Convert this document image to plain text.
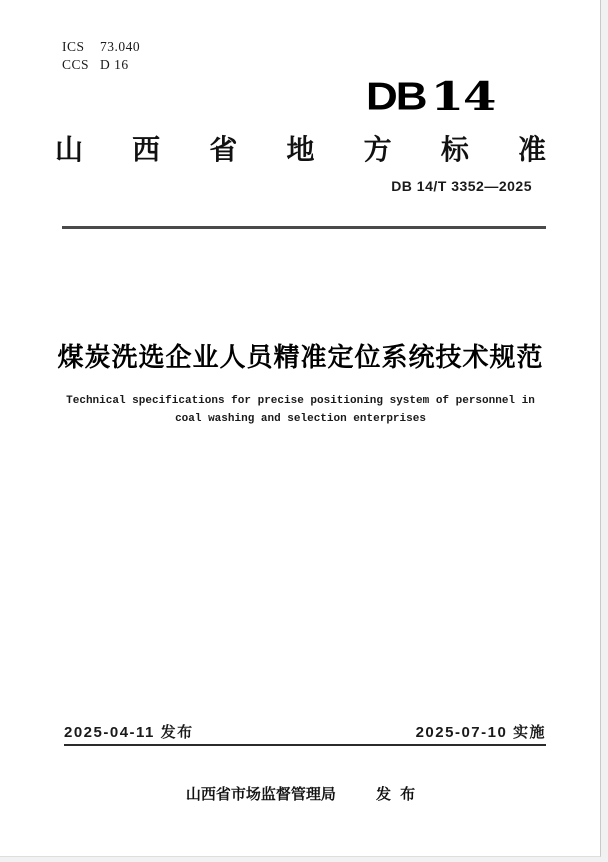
ICS	73.040
CCS D 16
DB 14
山西省地方标准
DB 14/T 3352—2025
煤炭洗选企业人员精准定位系统技术规范
Technical specifications for precise positioning system of personnel in
coal washing and selection enterprises
2025-04-11 发布	2025-07-10 实施
山西省市场监督管理局	发 布
